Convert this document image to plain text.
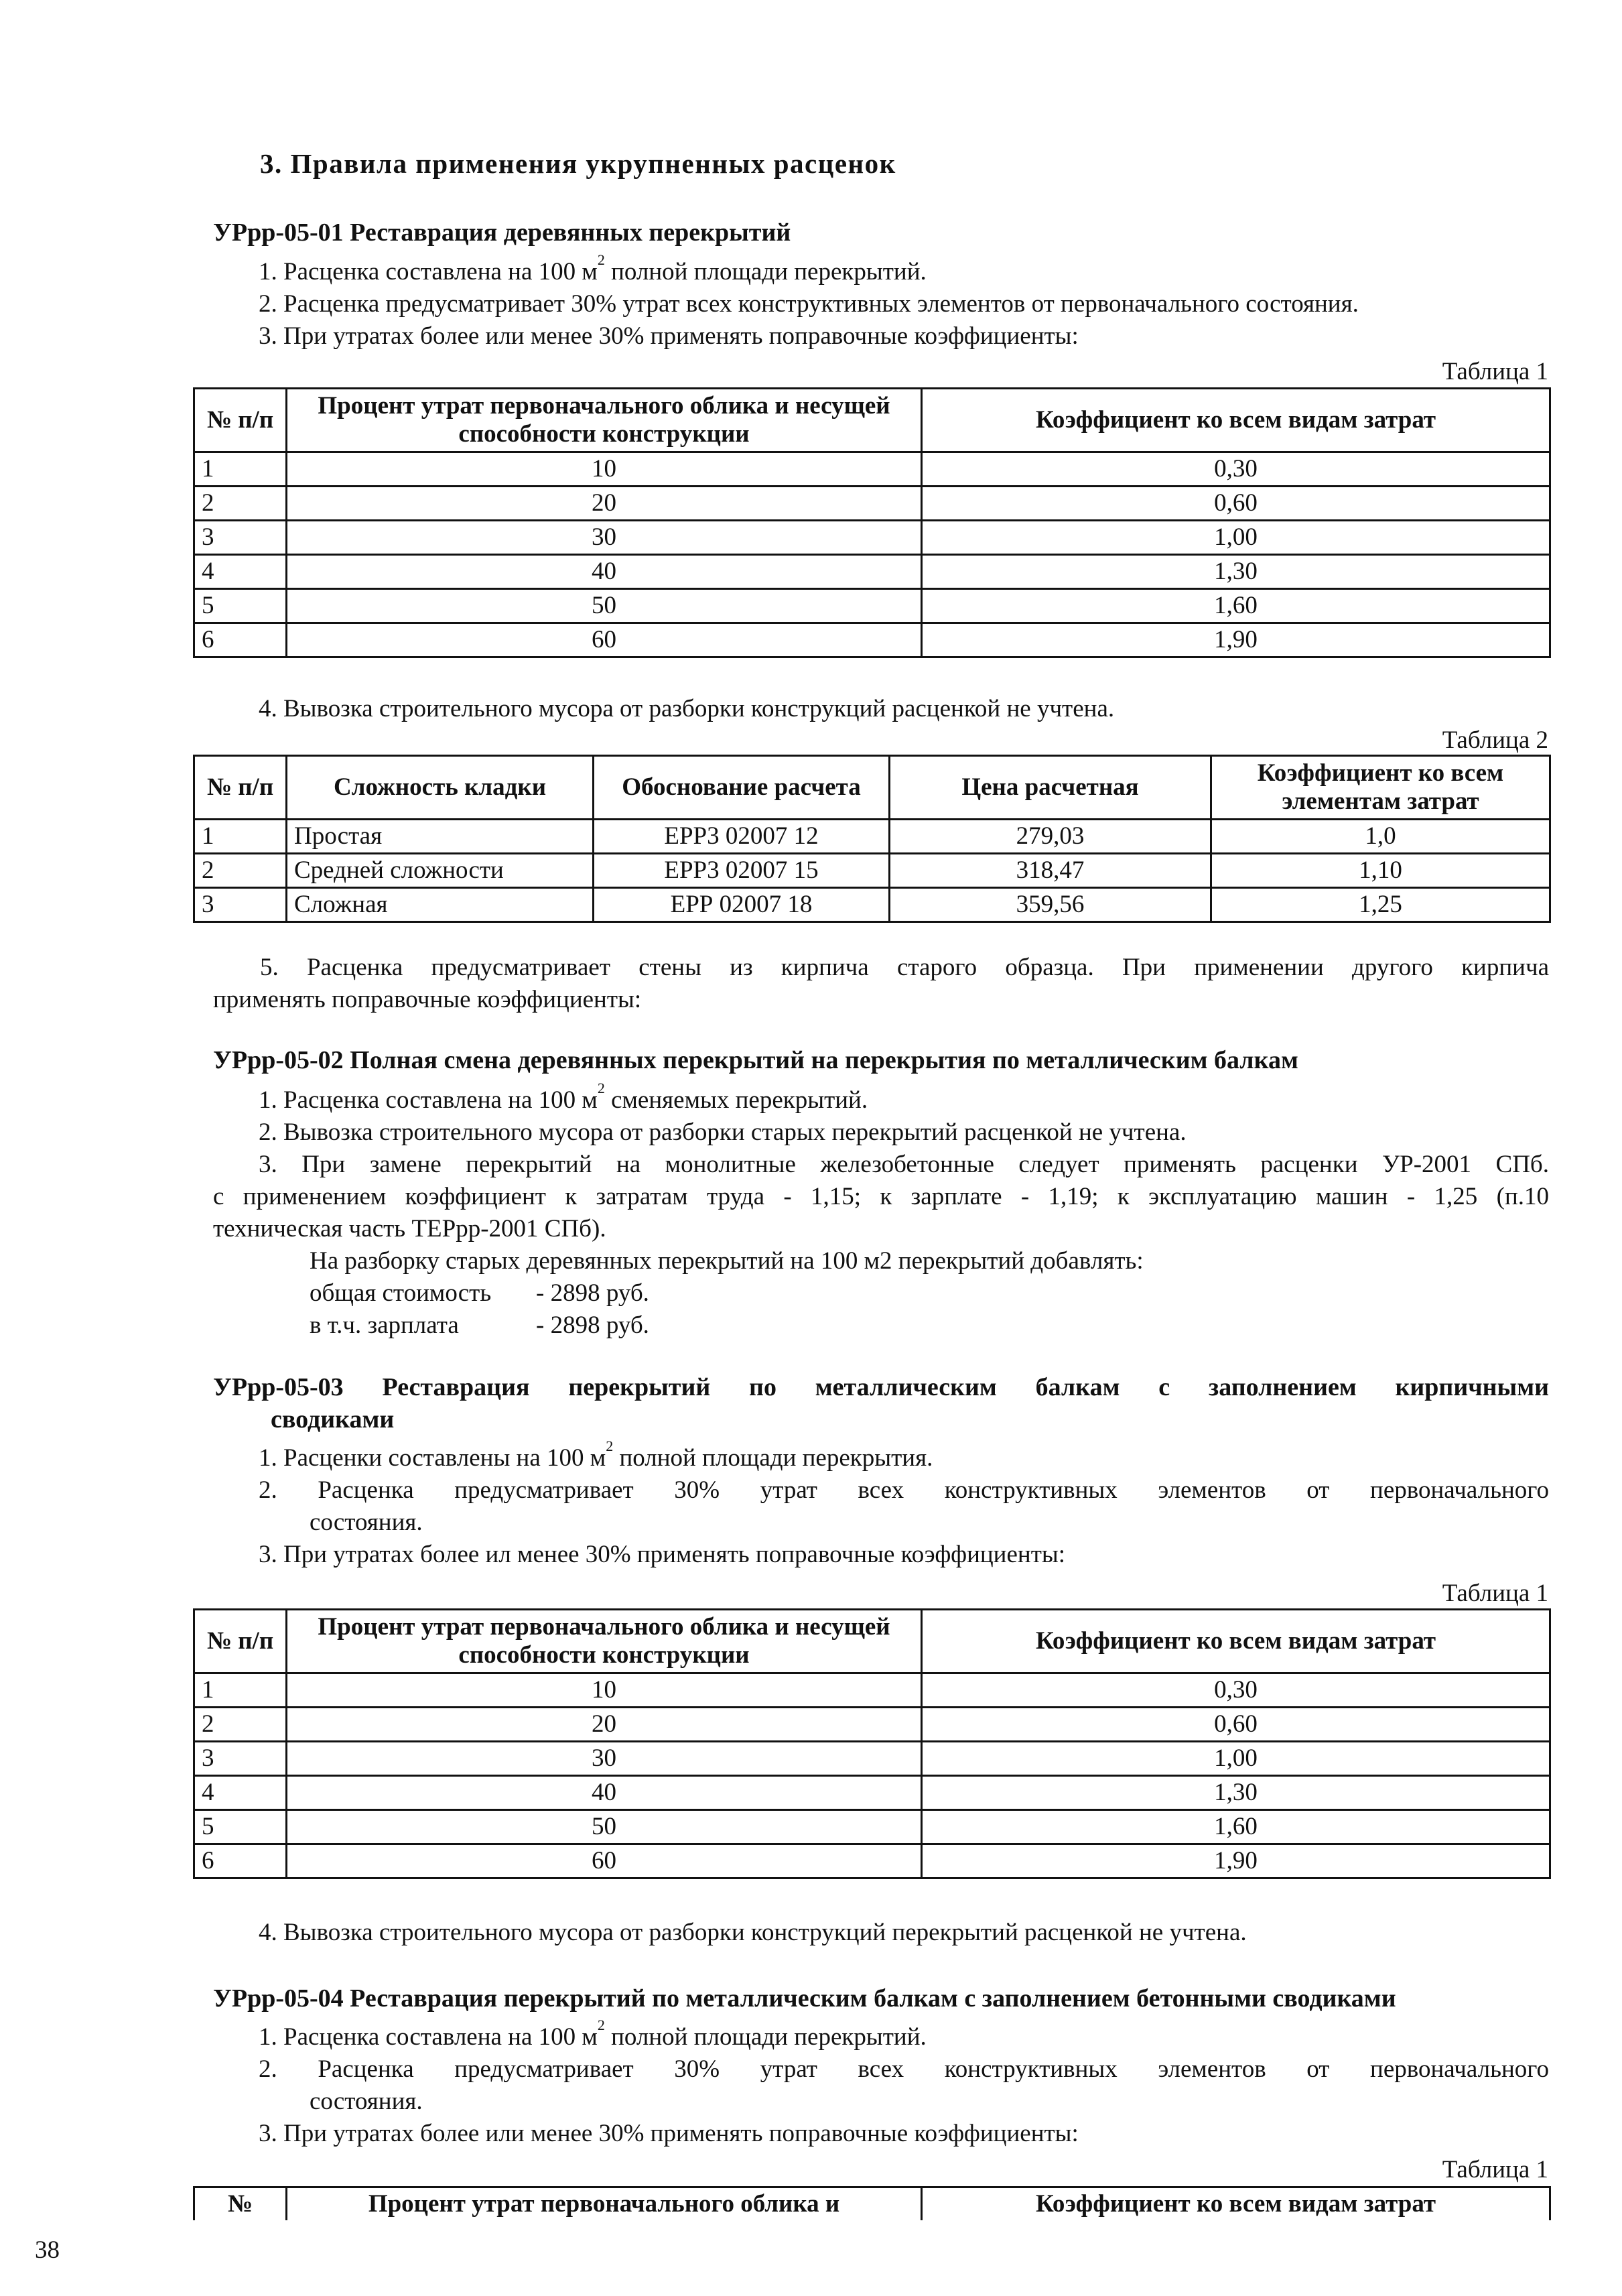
3. Правила применения укрупненных расценок
УРрр-05-01 Реставрация деревянных перекрытий
1. Расценка составлена на 100 $м^2$ полной площади перекрытий.
2. Расценка предусматривает 30% утрат всех конструктивных элементов от первоначального состояния.
3. При утратах более или менее 30% применять поправочные коэффициенты:
Таблица 1
№ п/п	Процент утрат первоначального облика и несущей способности конструкции	Коэффициент ко всем видам затрат
1	10	0,30
2	20	0,60
3	30	1,00
4	40	1,30
5	50	1,60
6	60	1,90
4. Вывозка строительного мусора от разборки конструкций расценкой не учтена.
Таблица 2
№ п/п	Сложность кладки	Обоснование расчета	Цена расчетная	Коэффициент ко всем элементам затрат
1	Простая	ЕРР3 02007 12	279,03	1,0
2	Средней сложности	ЕРР3 02007 15	318,47	1,10
3	Сложная	ЕРР 02007 18	359,56	1,25
5. Расценка предусматривает стены из кирпича старого образца. При применении другого кирпича
применять поправочные коэффициенты:
УРрр-05-02 Полная смена деревянных перекрытий на перекрытия по металлическим балкам
1. Расценка составлена на 100 $м^2$ сменяемых перекрытий.
2. Вывозка строительного мусора от разборки старых перекрытий расценкой не учтена.
3. При замене перекрытий на монолитные железобетонные следует применять расценки УР-2001 СПб.
с применением коэффициент к затратам труда - 1,15; к зарплате - 1,19; к эксплуатацию машин - 1,25 (п.10
техническая часть ТЕРрр-2001 СПб).
На разборку старых деревянных перекрытий на 100 м2 перекрытий добавлять:
общая стоимость - 2898 руб.
в т.ч. зарплата	- 2898 руб.
УРрр-05-03 Реставрация перекрытий по металлическим балкам с заполнением кирпичными
сводиками
1. Расценки составлены на 100 $м^2$ полной площади перекрытия.
2. Расценка предусматривает 30% утрат всех конструктивных элементов от первоначального
состояния.
3. При утратах более ил менее 30% применять поправочные коэффициенты:
Таблица 1
№ п/п	Процент утрат первоначального облика и несущей способности конструкции	Коэффициент ко всем видам затрат
1	10	0,30
2	20	0,60
3	30	1,00
4	40	1,30
5	50	1,60
6	60	1,90
4. Вывозка строительного мусора от разборки конструкций перекрытий расценкой не учтена.
УРрр-05-04 Реставрация перекрытий по металлическим балкам с заполнением бетонными сводиками
1. Расценка составлена на 100 $м^2$ полной площади перекрытий.
2. Расценка предусматривает 30% утрат всех конструктивных элементов от первоначального
состояния.
3. При утратах более или менее 30% применять поправочные коэффициенты:
Таблица 1
№	Процент утрат первоначального облика и	Коэффициент ко всем видам затрат
38
